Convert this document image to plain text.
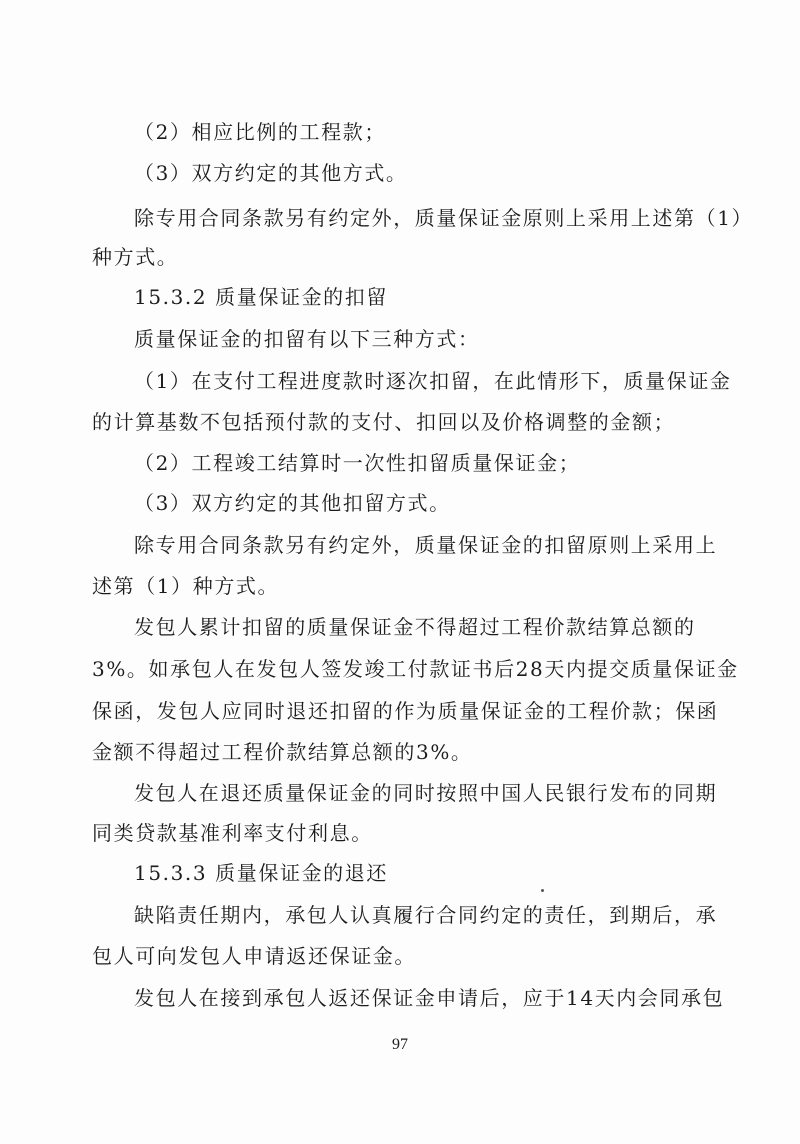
（2）相应比例的工程款；
（3）双方约定的其他方式。
除专用合同条款另有约定外，质量保证金原则上采用上述第（1）
种方式。
15.3.2 质量保证金的扣留
质量保证金的扣留有以下三种方式：
（1）在支付工程进度款时逐次扣留，在此情形下，质量保证金
的计算基数不包括预付款的支付、扣回以及价格调整的金额；
（2）工程竣工结算时一次性扣留质量保证金；
（3）双方约定的其他扣留方式。
除专用合同条款另有约定外，质量保证金的扣留原则上采用上
述第（1）种方式。
发包人累计扣留的质量保证金不得超过工程价款结算总额的
3%。如承包人在发包人签发竣工付款证书后28天内提交质量保证金
保函，发包人应同时退还扣留的作为质量保证金的工程价款；保函
金额不得超过工程价款结算总额的3%。
发包人在退还质量保证金的同时按照中国人民银行发布的同期
同类贷款基准利率支付利息。
15.3.3 质量保证金的退还
缺陷责任期内，承包人认真履行合同约定的责任，到期后，承
包人可向发包人申请返还保证金。
发包人在接到承包人返还保证金申请后，应于14天内会同承包
97
